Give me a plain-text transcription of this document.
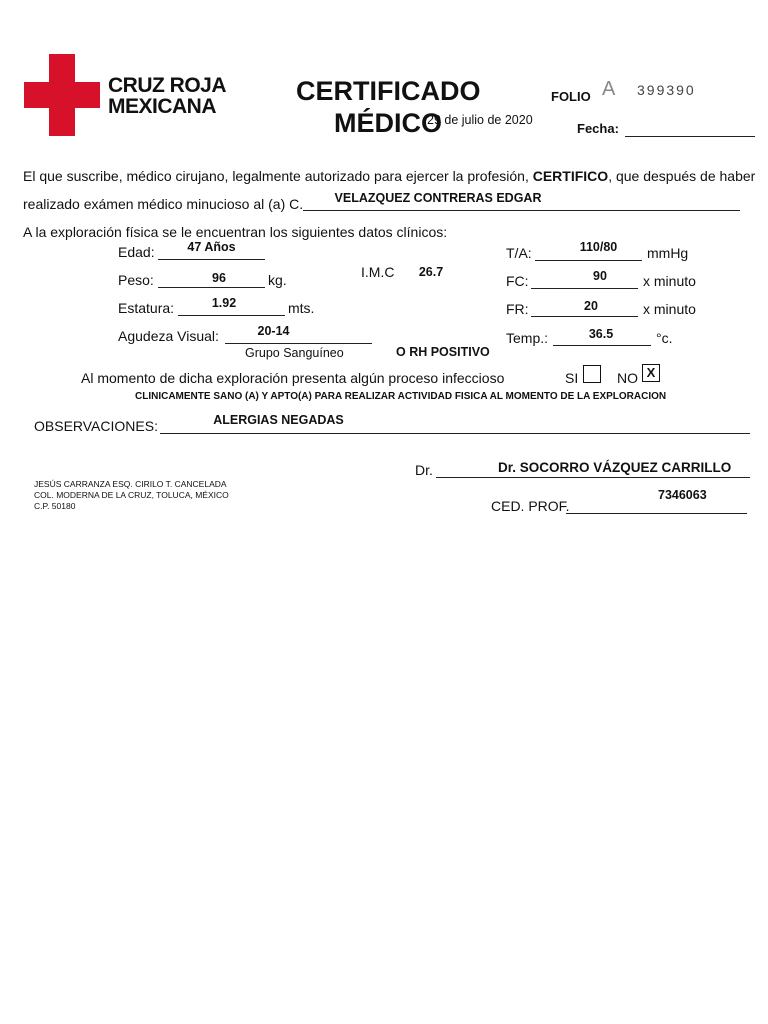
CRUZ ROJA
MEXICANA
CERTIFICADO
MÉDICO
29 de julio de 2020
FOLIO A 399390
Fecha:
El que suscribe, médico cirujano, legalmente autorizado para ejercer la profesión, CERTIFICO, que después de haber
realizado exámen médico minucioso al (a) C.	VELAZQUEZ CONTRERAS EDGAR
A la exploración física se le encuentran los siguientes datos clínicos:
Edad:	47 Años
Peso:	96	kg.	I.M.C	26.7
Estatura:	1.92	mts.
Agudeza Visual:	20-14
Grupo Sanguíneo	O RH POSITIVO
T/A:	110/80	mmHg
FC:	90	x minuto
FR:	20	x minuto
Temp.:	36.5	°c.
Al momento de dicha exploración presenta algún proceso infeccioso	SI	NO X
CLINICAMENTE SANO (A) Y APTO(A) PARA REALIZAR ACTIVIDAD FISICA AL MOMENTO DE LA EXPLORACION
OBSERVACIONES:	ALERGIAS NEGADAS
JESÚS CARRANZA ESQ. CIRILO T. CANCELADA
COL. MODERNA DE LA CRUZ, TOLUCA, MÉXICO
C.P. 50180
Dr.	Dr. SOCORRO VÁZQUEZ CARRILLO
CED. PROF.
7346063
